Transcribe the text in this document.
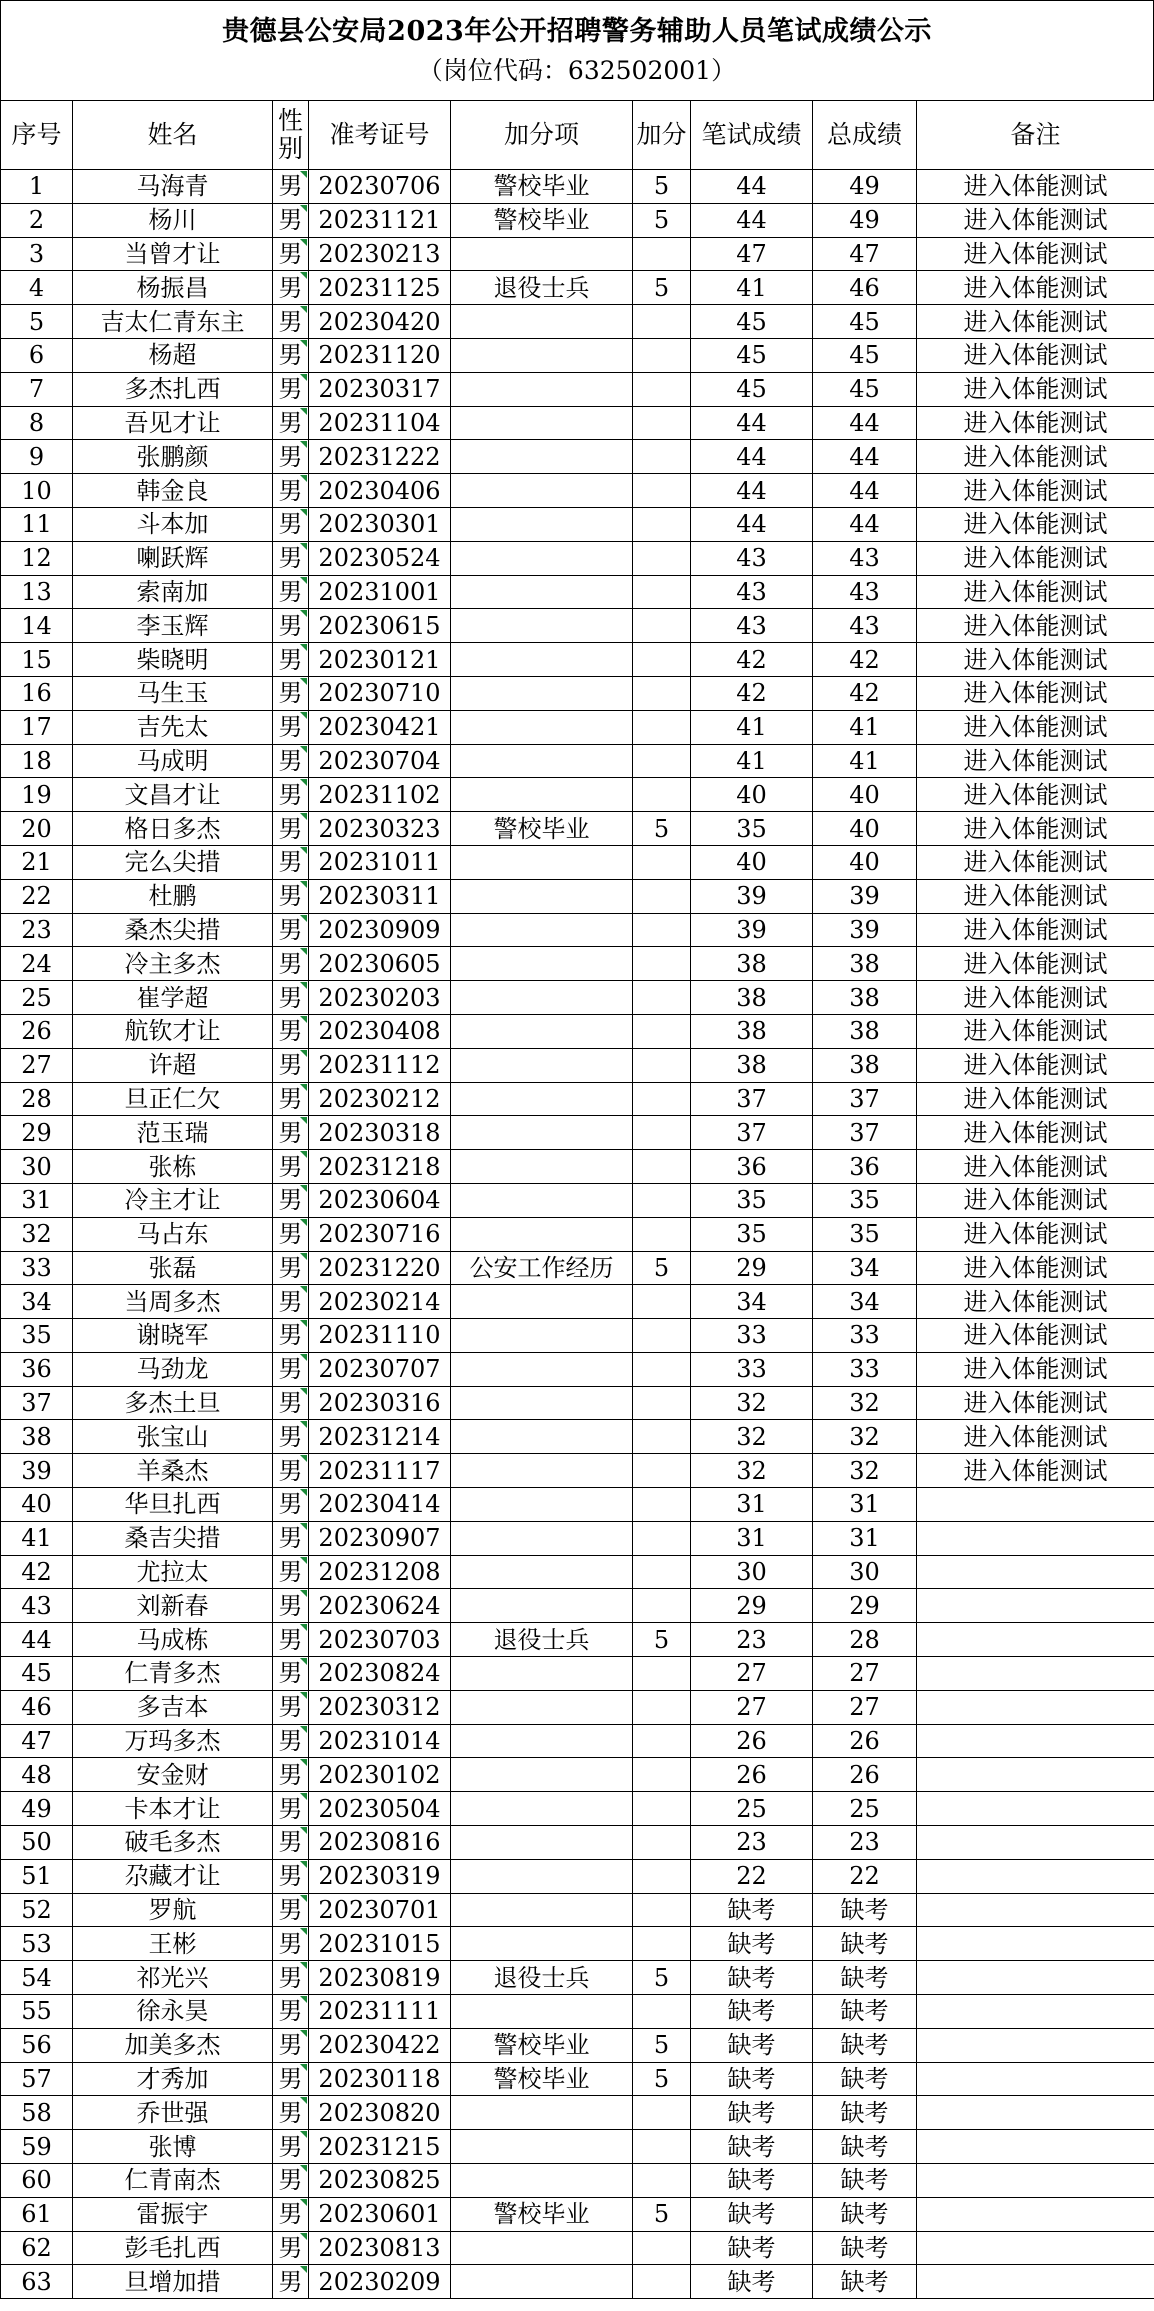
贵德县公安局2023年公开招聘警务辅助人员笔试成绩公示
（岗位代码：632502001）
序号	姓名	性别	准考证号	加分项	加分	笔试成绩	总成绩	备注
1	马海青	男	20230706	警校毕业	5	44	49	进入体能测试
2	杨川	男	20231121	警校毕业	5	44	49	进入体能测试
3	当曾才让	男	20230213			47	47	进入体能测试
4	杨振昌	男	20231125	退役士兵	5	41	46	进入体能测试
5	吉太仁青东主	男	20230420			45	45	进入体能测试
6	杨超	男	20231120			45	45	进入体能测试
7	多杰扎西	男	20230317			45	45	进入体能测试
8	吾见才让	男	20231104			44	44	进入体能测试
9	张鹏颜	男	20231222			44	44	进入体能测试
10	韩金良	男	20230406			44	44	进入体能测试
11	斗本加	男	20230301			44	44	进入体能测试
12	喇跃辉	男	20230524			43	43	进入体能测试
13	索南加	男	20231001			43	43	进入体能测试
14	李玉辉	男	20230615			43	43	进入体能测试
15	柴晓明	男	20230121			42	42	进入体能测试
16	马生玉	男	20230710			42	42	进入体能测试
17	吉先太	男	20230421			41	41	进入体能测试
18	马成明	男	20230704			41	41	进入体能测试
19	文昌才让	男	20231102			40	40	进入体能测试
20	格日多杰	男	20230323	警校毕业	5	35	40	进入体能测试
21	完么尖措	男	20231011			40	40	进入体能测试
22	杜鹏	男	20230311			39	39	进入体能测试
23	桑杰尖措	男	20230909			39	39	进入体能测试
24	冷主多杰	男	20230605			38	38	进入体能测试
25	崔学超	男	20230203			38	38	进入体能测试
26	航钦才让	男	20230408			38	38	进入体能测试
27	许超	男	20231112			38	38	进入体能测试
28	旦正仁欠	男	20230212			37	37	进入体能测试
29	范玉瑞	男	20230318			37	37	进入体能测试
30	张栋	男	20231218			36	36	进入体能测试
31	冷主才让	男	20230604			35	35	进入体能测试
32	马占东	男	20230716			35	35	进入体能测试
33	张磊	男	20231220	公安工作经历	5	29	34	进入体能测试
34	当周多杰	男	20230214			34	34	进入体能测试
35	谢晓军	男	20231110			33	33	进入体能测试
36	马劲龙	男	20230707			33	33	进入体能测试
37	多杰土旦	男	20230316			32	32	进入体能测试
38	张宝山	男	20231214			32	32	进入体能测试
39	羊桑杰	男	20231117			32	32	进入体能测试
40	华旦扎西	男	20230414			31	31	
41	桑吉尖措	男	20230907			31	31	
42	尤拉太	男	20231208			30	30	
43	刘新春	男	20230624			29	29	
44	马成栋	男	20230703	退役士兵	5	23	28	
45	仁青多杰	男	20230824			27	27	
46	多吉本	男	20230312			27	27	
47	万玛多杰	男	20231014			26	26	
48	安金财	男	20230102			26	26	
49	卡本才让	男	20230504			25	25	
50	破毛多杰	男	20230816			23	23	
51	尕藏才让	男	20230319			22	22	
52	罗航	男	20230701			缺考	缺考	
53	王彬	男	20231015			缺考	缺考	
54	祁光兴	男	20230819	退役士兵	5	缺考	缺考	
55	徐永昊	男	20231111			缺考	缺考	
56	加美多杰	男	20230422	警校毕业	5	缺考	缺考	
57	才秀加	男	20230118	警校毕业	5	缺考	缺考	
58	乔世强	男	20230820			缺考	缺考	
59	张博	男	20231215			缺考	缺考	
60	仁青南杰	男	20230825			缺考	缺考	
61	雷振宇	男	20230601	警校毕业	5	缺考	缺考	
62	彭毛扎西	男	20230813			缺考	缺考	
63	旦增加措	男	20230209			缺考	缺考	
